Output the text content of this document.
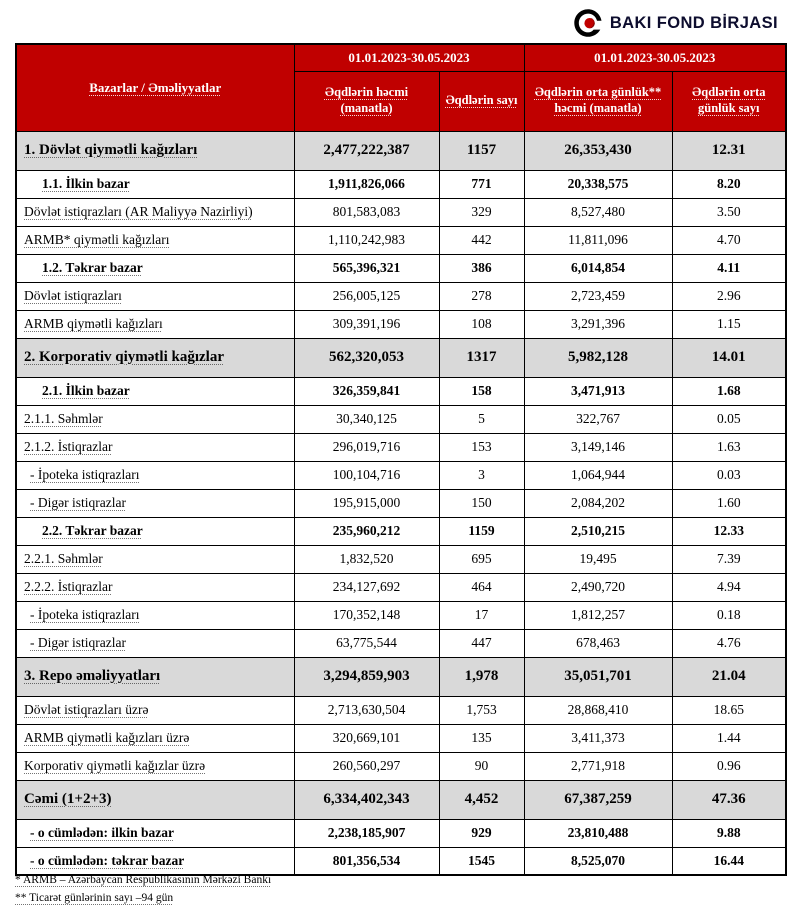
BAKI FOND BİRJASI
Bazarlar / Əməliyyatlar	01.01.2023-30.05.2023		01.01.2023-30.05.2023	
	Əqdlərin həcmi (manatla)	Əqdlərin sayı	Əqdlərin orta günlük** həcmi (manatla)	Əqdlərin orta günlük sayı
1. Dövlət qiymətli kağızları	2,477,222,387	1157	26,353,430	12.31
1.1. İlkin bazar	1,911,826,066	771	20,338,575	8.20
Dövlət istiqrazları (AR Maliyyə Nazirliyi)	801,583,083	329	8,527,480	3.50
ARMB* qiymətli kağızları	1,110,242,983	442	11,811,096	4.70
1.2. Təkrar bazar	565,396,321	386	6,014,854	4.11
Dövlət istiqrazları	256,005,125	278	2,723,459	2.96
ARMB qiymətli kağızları	309,391,196	108	3,291,396	1.15
2. Korporativ qiymətli kağızlar	562,320,053	1317	5,982,128	14.01
2.1. İlkin bazar	326,359,841	158	3,471,913	1.68
2.1.1. Səhmlər	30,340,125	5	322,767	0.05
2.1.2. İstiqrazlar	296,019,716	153	3,149,146	1.63
- İpoteka istiqrazları	100,104,716	3	1,064,944	0.03
- Digər istiqrazlar	195,915,000	150	2,084,202	1.60
2.2. Təkrar bazar	235,960,212	1159	2,510,215	12.33
2.2.1. Səhmlər	1,832,520	695	19,495	7.39
2.2.2. İstiqrazlar	234,127,692	464	2,490,720	4.94
- İpoteka istiqrazları	170,352,148	17	1,812,257	0.18
- Digər istiqrazlar	63,775,544	447	678,463	4.76
3. Repo əməliyyatları	3,294,859,903	1,978	35,051,701	21.04
Dövlət istiqrazları üzrə	2,713,630,504	1,753	28,868,410	18.65
ARMB qiymətli kağızları üzrə	320,669,101	135	3,411,373	1.44
Korporativ qiymətli kağızlar üzrə	260,560,297	90	2,771,918	0.96
Cəmi (1+2+3)	6,334,402,343	4,452	67,387,259	47.36
- o cümlədən: ilkin bazar	2,238,185,907	929	23,810,488	9.88
- o cümlədən: təkrar bazar	801,356,534	1545	8,525,070	16.44
* ARMB – Azərbaycan Respublikasının Mərkəzi Bankı
** Ticarət günlərinin sayı –94 gün
